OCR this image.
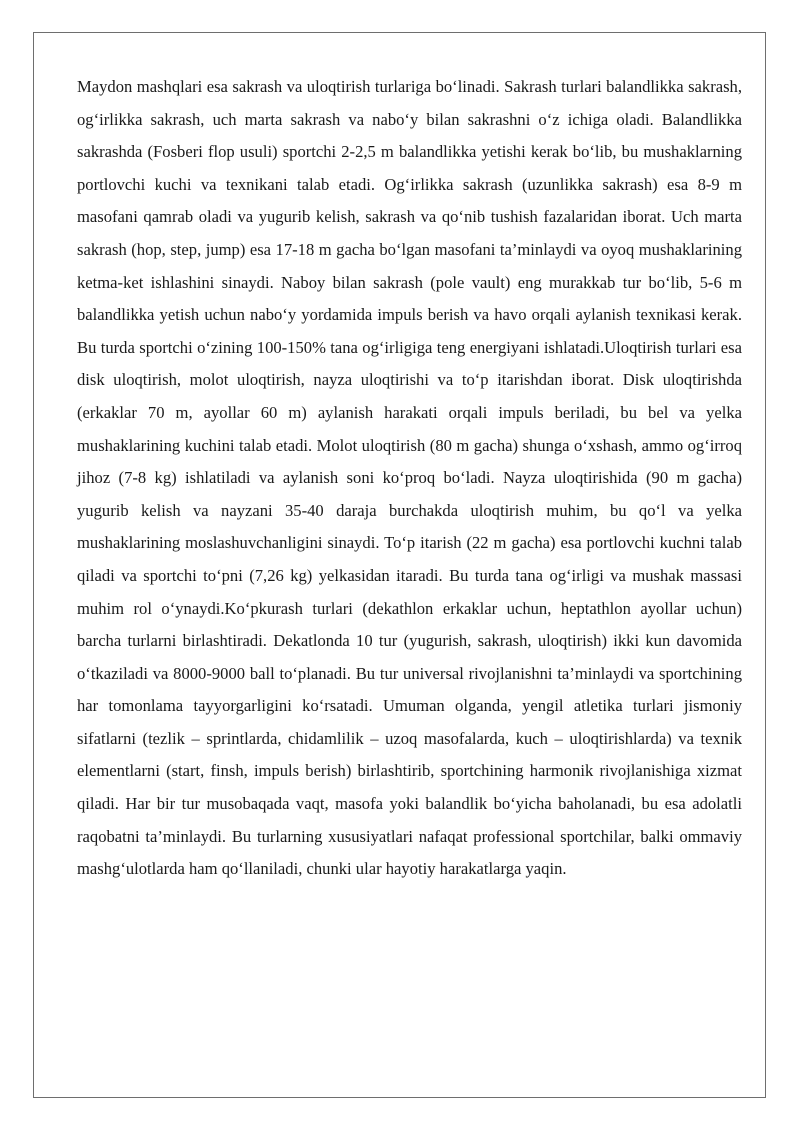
Maydon mashqlari esa sakrash va uloqtirish turlariga bo‘linadi. Sakrash turlari balandlikka sakrash, og‘irlikka sakrash, uch marta sakrash va nabo‘y bilan sakrashni o‘z ichiga oladi. Balandlikka sakrashda (Fosberi flop usuli) sportchi 2-2,5 m balandlikka yetishi kerak bo‘lib, bu mushaklarning portlovchi kuchi va texnikani talab etadi. Og‘irlikka sakrash (uzunlikka sakrash) esa 8-9 m masofani qamrab oladi va yugurib kelish, sakrash va qo‘nib tushish fazalaridan iborat. Uch marta sakrash (hop, step, jump) esa 17-18 m gacha bo‘lgan masofani ta’minlaydi va oyoq mushaklarining ketma-ket ishlashini sinaydi. Naboy bilan sakrash (pole vault) eng murakkab tur bo‘lib, 5-6 m balandlikka yetish uchun nabo‘y yordamida impuls berish va havo orqali aylanish texnikasi kerak. Bu turda sportchi o‘zining 100-150% tana og‘irligiga teng energiyani ishlatadi.Uloqtirish turlari esa disk uloqtirish, molot uloqtirish, nayza uloqtirishi va to‘p itarishdan iborat. Disk uloqtirishda (erkaklar 70 m, ayollar 60 m) aylanish harakati orqali impuls beriladi, bu bel va yelka mushaklarining kuchini talab etadi. Molot uloqtirish (80 m gacha) shunga o‘xshash, ammo og‘irroq jihoz (7-8 kg) ishlatiladi va aylanish soni ko‘proq bo‘ladi. Nayza uloqtirishida (90 m gacha) yugurib kelish va nayzani 35-40 daraja burchakda uloqtirish muhim, bu qo‘l va yelka mushaklarining moslashuvchanligini sinaydi. To‘p itarish (22 m gacha) esa portlovchi kuchni talab qiladi va sportchi to‘pni (7,26 kg) yelkasidan itaradi. Bu turda tana og‘irligi va mushak massasi muhim rol o‘ynaydi.Ko‘pkurash turlari (dekathlon erkaklar uchun, heptathlon ayollar uchun) barcha turlarni birlashtiradi. Dekatlonda 10 tur (yugurish, sakrash, uloqtirish) ikki kun davomida o‘tkaziladi va 8000-9000 ball to‘planadi. Bu tur universal rivojlanishni ta’minlaydi va sportchining har tomonlama tayyorgarligini ko‘rsatadi. Umuman olganda, yengil atletika turlari jismoniy sifatlarni (tezlik – sprintlarda, chidamlilik – uzoq masofalarda, kuch – uloqtirishlarda) va texnik elementlarni (start, finsh, impuls berish) birlashtirib, sportchining harmonik rivojlanishiga xizmat qiladi. Har bir tur musobaqada vaqt, masofa yoki balandlik bo‘yicha baholanadi, bu esa adolatli raqobatni ta’minlaydi. Bu turlarning xususiyatlari nafaqat professional sportchilar, balki ommaviy mashg‘ulotlarda ham qo‘llaniladi, chunki ular hayotiy harakatlarga yaqin.
